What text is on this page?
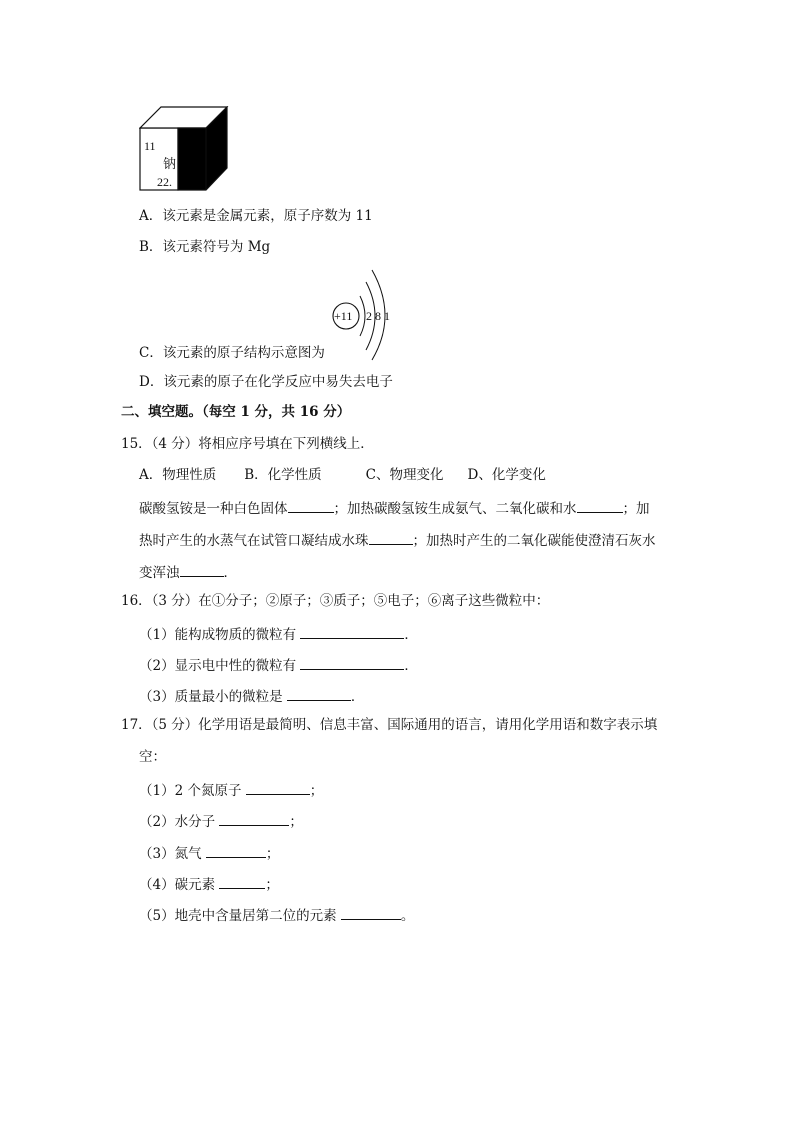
11
钠
22.
A．该元素是金属元素，原子序数为 11
B．该元素符号为 Mg
+11 2 8 1
C．该元素的原子结构示意图为
D．该元素的原子在化学反应中易失去电子
二、填空题。（每空 1 分，共 16 分）
15．（4 分）将相应序号填在下列横线上．
A．物理性质 B．化学性质	C、物理变化 D、化学变化
碳酸氢铵是一种白色固体	；加热碳酸氢铵生成氨气、二氧化碳和水	；加
热时产生的水蒸气在试管口凝结成水珠	；加热时产生的二氧化碳能使澄清石灰水
变浑浊	．
16．（3 分）在①分子；②原子；③质子；⑤电子；⑥离子这些微粒中：
（1）能构成物质的微粒有	．
（2）显示电中性的微粒有	．
（3）质量最小的微粒是	．
17．（5 分）化学用语是最简明、信息丰富、国际通用的语言，请用化学用语和数字表示填
空：
（1）2 个氮原子	；
（2）水分子	；
（3）氮气	；
（4）碳元素	；
（5）地壳中含量居第二位的元素	。
